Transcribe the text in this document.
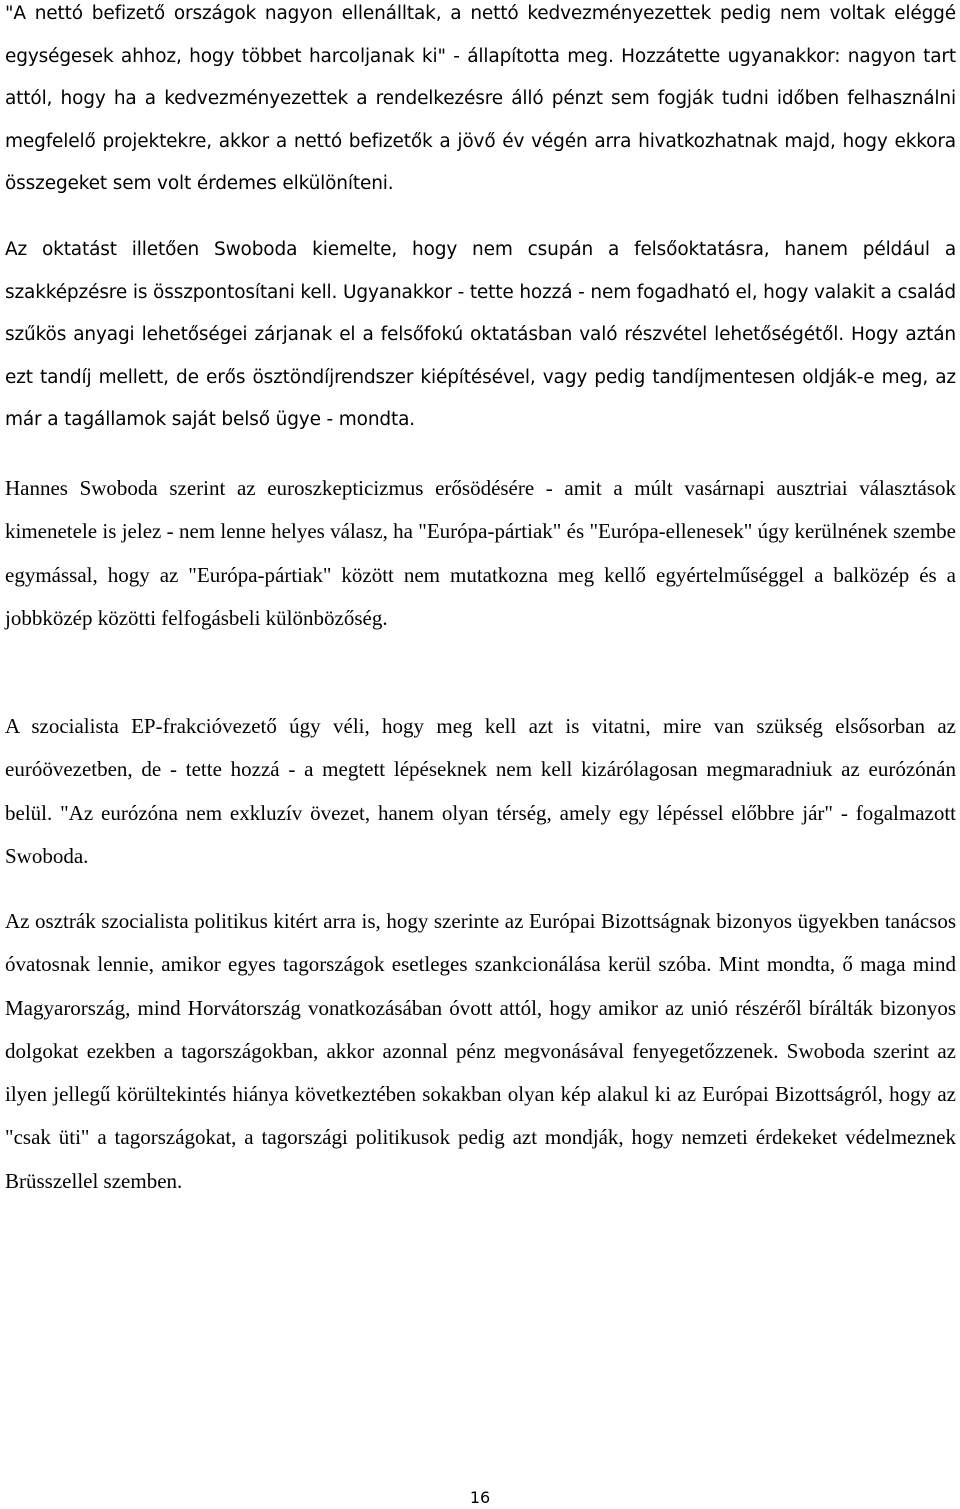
"A nettó befizető országok nagyon ellenálltak, a nettó kedvezményezettek pedig nem voltak eléggé egységesek ahhoz, hogy többet harcoljanak ki" - állapította meg. Hozzátette ugyanakkor: nagyon tart attól, hogy ha a kedvezményezettek a rendelkezésre álló pénzt sem fogják tudni időben felhasználni megfelelő projektekre, akkor a nettó befizetők a jövő év végén arra hivatkozhatnak majd, hogy ekkora összegeket sem volt érdemes elkülöníteni.

Az oktatást illetően Swoboda kiemelte, hogy nem csupán a felsőoktatásra, hanem például a szakképzésre is összpontosítani kell. Ugyanakkor - tette hozzá - nem fogadható el, hogy valakit a család szűkös anyagi lehetőségei zárjanak el a felsőfokú oktatásban való részvétel lehetőségétől. Hogy aztán ezt tandíj mellett, de erős ösztöndíjrendszer kiépítésével, vagy pedig tandíjmentesen oldják-e meg, az már a tagállamok saját belső ügye - mondta.

Hannes Swoboda szerint az euroszkepticizmus erősödésére - amit a múlt vasárnapi ausztriai választások kimenetele is jelez - nem lenne helyes válasz, ha "Európa-pártiak" és "Európa-ellenesek" úgy kerülnének szembe egymással, hogy az "Európa-pártiak" között nem mutatkozna meg kellő egyértelműséggel a balközép és a jobbközép közötti felfogásbeli különbözőség.

A szocialista EP-frakcióvezető úgy véli, hogy meg kell azt is vitatni, mire van szükség elsősorban az euróövezetben, de - tette hozzá - a megtett lépéseknek nem kell kizárólagosan megmaradniuk az eurózónán belül. "Az eurózóna nem exkluzív övezet, hanem olyan térség, amely egy lépéssel előbbre jár" - fogalmazott Swoboda.

Az osztrák szocialista politikus kitért arra is, hogy szerinte az Európai Bizottságnak bizonyos ügyekben tanácsos óvatosnak lennie, amikor egyes tagországok esetleges szankcionálása kerül szóba. Mint mondta, ő maga mind Magyarország, mind Horvátország vonatkozásában óvott attól, hogy amikor az unió részéről bírálták bizonyos dolgokat ezekben a tagországokban, akkor azonnal pénz megvonásával fenyegetőzzenek. Swoboda szerint az ilyen jellegű körültekintés hiánya következtében sokakban olyan kép alakul ki az Európai Bizottságról, hogy az "csak üti" a tagországokat, a tagországi politikusok pedig azt mondják, hogy nemzeti érdekeket védelmeznek Brüsszellel szemben.

16
